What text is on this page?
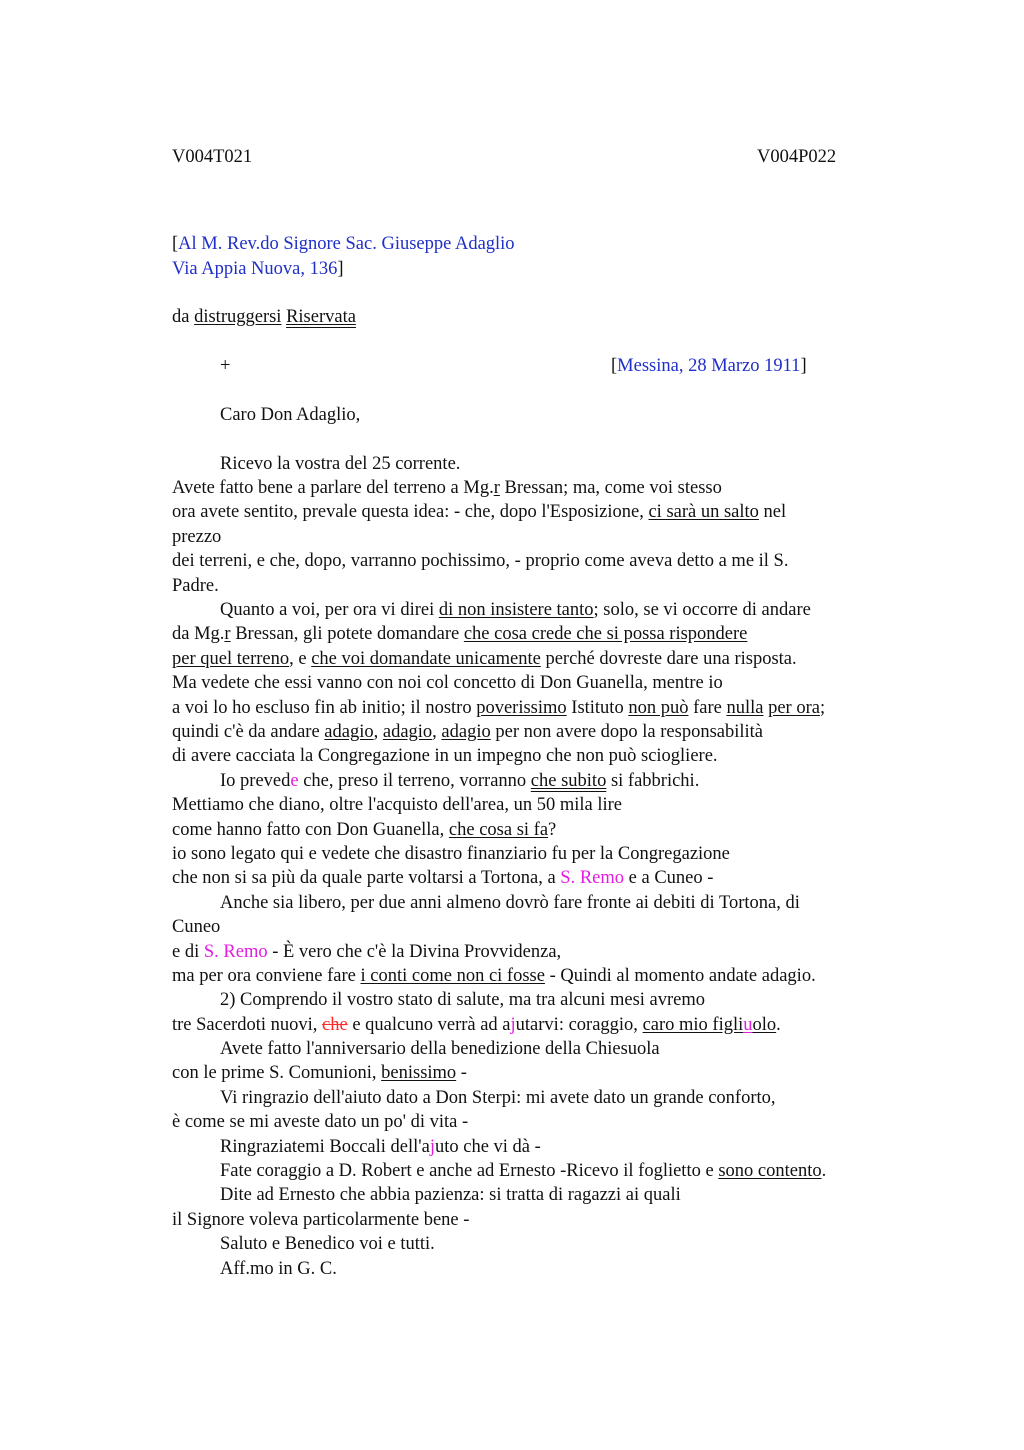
V004T021	V004P022
[Al M. Rev.do Signore Sac. Giuseppe Adaglio
Via Appia Nuova, 136]
da distruggersi Riservata
+	[Messina, 28 Marzo 1911]
Caro Don Adaglio,
Ricevo la vostra del 25 corrente.
Avete fatto bene a parlare del terreno a Mg.r Bressan; ma, come voi stesso
ora avete sentito, prevale questa idea: - che, dopo l'Esposizione, ci sarà un salto nel
prezzo
dei terreni, e che, dopo, varranno pochissimo, - proprio come aveva detto a me il S.
Padre.
Quanto a voi, per ora vi direi di non insistere tanto; solo, se vi occorre di andare
da Mg.r Bressan, gli potete domandare che cosa crede che si possa rispondere
per quel terreno, e che voi domandate unicamente perché dovreste dare una risposta.
Ma vedete che essi vanno con noi col concetto di Don Guanella, mentre io
a voi lo ho escluso fin ab initio; il nostro poverissimo Istituto non può fare nulla per ora;
quindi c'è da andare adagio, adagio, adagio per non avere dopo la responsabilità
di avere cacciata la Congregazione in un impegno che non può sciogliere.
Io prevede che, preso il terreno, vorranno che subito si fabbrichi.
Mettiamo che diano, oltre l'acquisto dell'area, un 50 mila lire
come hanno fatto con Don Guanella, che cosa si fa?
io sono legato qui e vedete che disastro finanziario fu per la Congregazione
che non si sa più da quale parte voltarsi a Tortona, a S. Remo e a Cuneo -
Anche sia libero, per due anni almeno dovrò fare fronte ai debiti di Tortona, di
Cuneo
e di S. Remo - È vero che c'è la Divina Provvidenza,
ma per ora conviene fare i conti come non ci fosse - Quindi al momento andate adagio.
2) Comprendo il vostro stato di salute, ma tra alcuni mesi avremo
tre Sacerdoti nuovi, che e qualcuno verrà ad ajutarvi: coraggio, caro mio figliuolo.
Avete fatto l'anniversario della benedizione della Chiesuola
con le prime S. Comunioni, benissimo -
Vi ringrazio dell'aiuto dato a Don Sterpi: mi avete dato un grande conforto,
è come se mi aveste dato un po' di vita -
Ringraziatemi Boccali dell'ajuto che vi dà -
Fate coraggio a D. Robert e anche ad Ernesto -Ricevo il foglietto e sono contento.
Dite ad Ernesto che abbia pazienza: si tratta di ragazzi ai quali
il Signore voleva particolarmente bene -
Saluto e Benedico voi e tutti.
Aff.mo in G. C.
